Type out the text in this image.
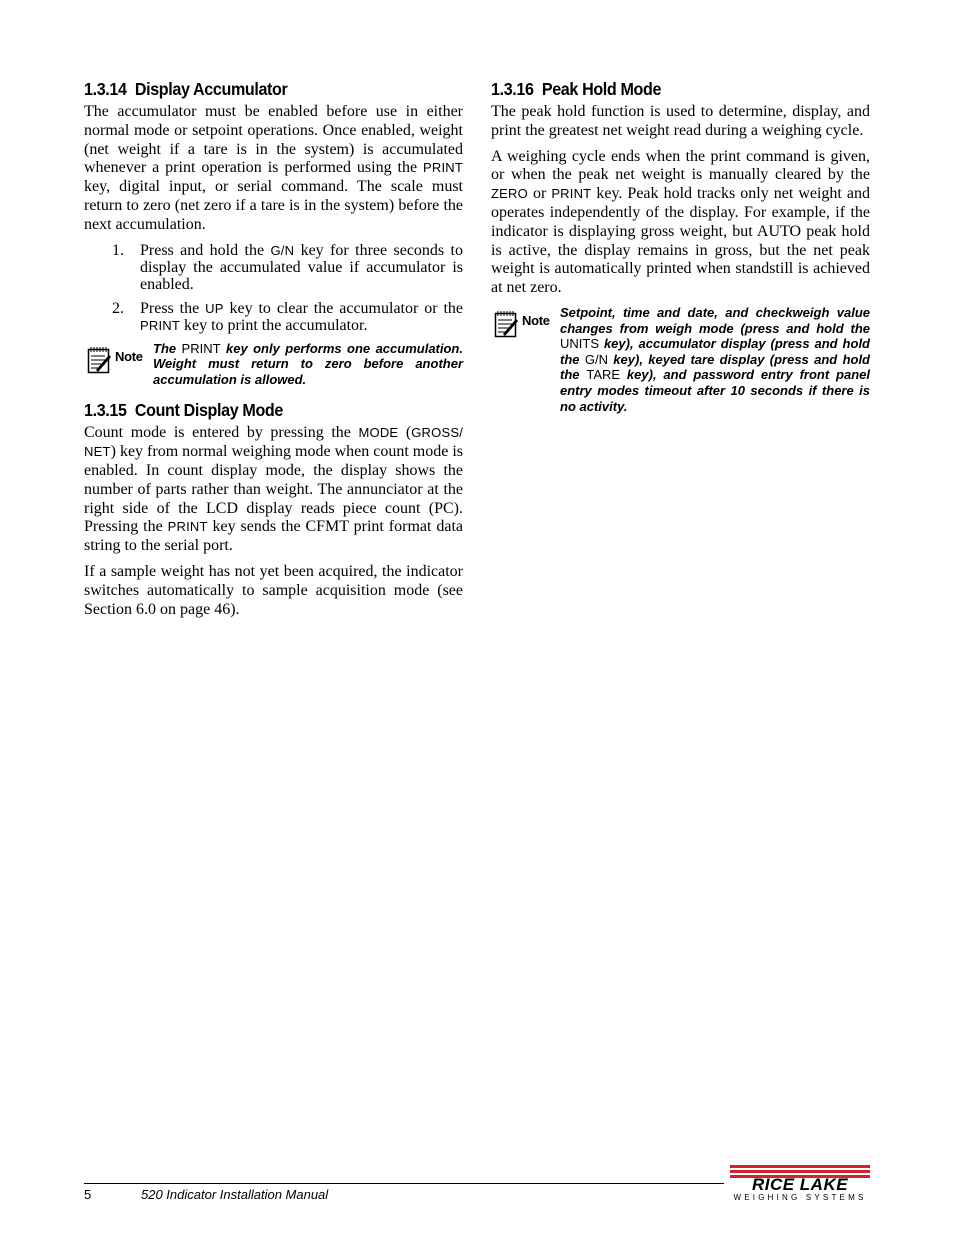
1.3.14 Display Accumulator

The accumulator must be enabled before use in either normal mode or setpoint operations. Once enabled, weight (net weight if a tare is in the system) is accumulated whenever a print operation is performed using the PRINT key, digital input, or serial command. The scale must return to zero (net zero if a tare is in the system) before the next accumulation.

1. Press and hold the G/N key for three seconds to display the accumulated value if accumulator is enabled.
2. Press the UP key to clear the accumulator or the PRINT key to print the accumulator.
Note
The PRINT key only performs one accumulation. Weight must return to zero before another accumulation is allowed.
1.3.15 Count Display Mode

Count mode is entered by pressing the MODE (GROSS/ NET) key from normal weighing mode when count mode is enabled. In count display mode, the display shows the number of parts rather than weight. The annunciator at the right side of the LCD display reads piece count (PC). Pressing the PRINT key sends the CFMT print format data string to the serial port.

If a sample weight has not yet been acquired, the indicator switches automatically to sample acquisition mode (see Section 6.0 on page 46).

1.3.16 Peak Hold Mode

The peak hold function is used to determine, display, and print the greatest net weight read during a weighing cycle.

A weighing cycle ends when the print command is given, or when the peak net weight is manually cleared by the ZERO or PRINT key. Peak hold tracks only net weight and operates independently of the display. For example, if the indicator is displaying gross weight, but AUTO peak hold is active, the display remains in gross, but the net peak weight is automatically printed when standstill is achieved at net zero.

Note
Setpoint, time and date, and checkweigh value changes from weigh mode (press and hold the UNITS key), accumulator display (press and hold the G/N key), keyed tare display (press and hold the TARE key), and password entry front panel entry modes timeout after 10 seconds if there is no activity.
5	520 Indicator Installation Manual
RICE LAKE
WEIGHING SYSTEMS
